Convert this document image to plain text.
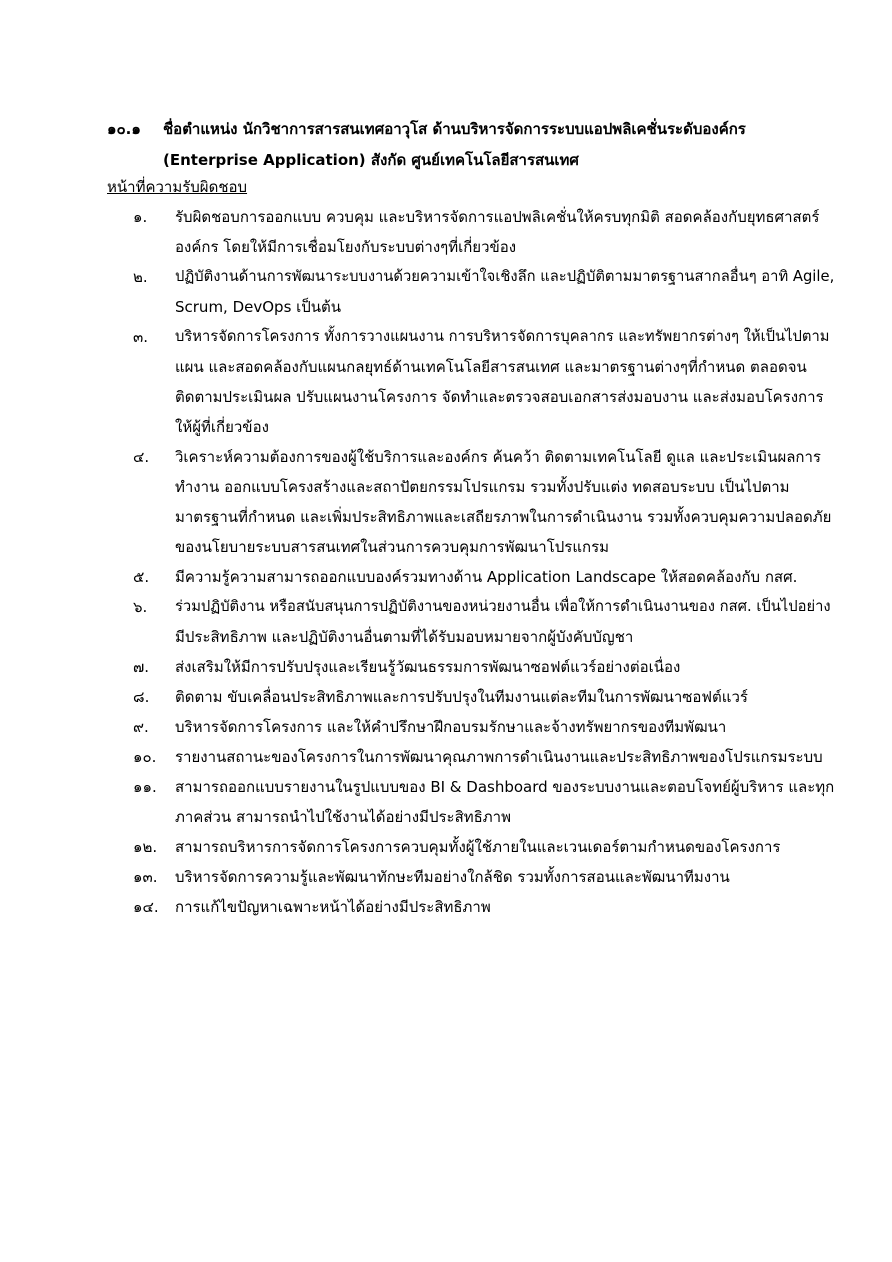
๑๐.๑ ชื่อตำแหน่ง นักวิชาการสารสนเทศอาวุโส ด้านบริหารจัดการระบบแอปพลิเคชั่นระดับองค์กร
(Enterprise Application) สังกัด ศูนย์เทคโนโลยีสารสนเทศ
หน้าที่ความรับผิดชอบ
๑. รับผิดชอบการออกแบบ ควบคุม และบริหารจัดการแอปพลิเคชั่นให้ครบทุกมิติ สอดคล้องกับยุทธศาสตร์
องค์กร โดยให้มีการเชื่อมโยงกับระบบต่างๆที่เกี่ยวข้อง
๒. ปฏิบัติงานด้านการพัฒนาระบบงานด้วยความเข้าใจเชิงลึก และปฏิบัติตามมาตรฐานสากลอื่นๆ อาทิ Agile,
Scrum, DevOps เป็นต้น
๓. บริหารจัดการโครงการ ทั้งการวางแผนงาน การบริหารจัดการบุคลากร และทรัพยากรต่างๆ ให้เป็นไปตาม
แผน และสอดคล้องกับแผนกลยุทธ์ด้านเทคโนโลยีสารสนเทศ และมาตรฐานต่างๆที่กำหนด ตลอดจน
ติดตามประเมินผล ปรับแผนงานโครงการ จัดทำและตรวจสอบเอกสารส่งมอบงาน และส่งมอบโครงการ
ให้ผู้ที่เกี่ยวข้อง
๔. วิเคราะห์ความต้องการของผู้ใช้บริการและองค์กร ค้นคว้า ติดตามเทคโนโลยี ดูแล และประเมินผลการ
ทำงาน ออกแบบโครงสร้างและสถาปัตยกรรมโปรแกรม รวมทั้งปรับแต่ง ทดสอบระบบ เป็นไปตาม
มาตรฐานที่กำหนด และเพิ่มประสิทธิภาพและเสถียรภาพในการดำเนินงาน รวมทั้งควบคุมความปลอดภัย
ของนโยบายระบบสารสนเทศในส่วนการควบคุมการพัฒนาโปรแกรม
๕. มีความรู้ความสามารถออกแบบองค์รวมทางด้าน Application Landscape ให้สอดคล้องกับ กสศ.
๖. ร่วมปฏิบัติงาน หรือสนับสนุนการปฏิบัติงานของหน่วยงานอื่น เพื่อให้การดำเนินงานของ กสศ. เป็นไปอย่าง
มีประสิทธิภาพ และปฏิบัติงานอื่นตามที่ได้รับมอบหมายจากผู้บังคับบัญชา
๗. ส่งเสริมให้มีการปรับปรุงและเรียนรู้วัฒนธรรมการพัฒนาซอฟต์แวร์อย่างต่อเนื่อง
๘. ติดตาม ขับเคลื่อนประสิทธิภาพและการปรับปรุงในทีมงานแต่ละทีมในการพัฒนาซอฟต์แวร์
๙. บริหารจัดการโครงการ และให้คำปรึกษาฝึกอบรมรักษาและจ้างทรัพยากรของทีมพัฒนา
๑๐. รายงานสถานะของโครงการในการพัฒนาคุณภาพการดำเนินงานและประสิทธิภาพของโปรแกรมระบบ
๑๑. สามารถออกแบบรายงานในรูปแบบของ BI & Dashboard ของระบบงานและตอบโจทย์ผู้บริหาร และทุก
ภาคส่วน สามารถนำไปใช้งานได้อย่างมีประสิทธิภาพ
๑๒. สามารถบริหารการจัดการโครงการควบคุมทั้งผู้ใช้ภายในและเวนเดอร์ตามกำหนดของโครงการ
๑๓. บริหารจัดการความรู้และพัฒนาทักษะทีมอย่างใกล้ชิด รวมทั้งการสอนและพัฒนาทีมงาน
๑๔. การแก้ไขปัญหาเฉพาะหน้าได้อย่างมีประสิทธิภาพ
